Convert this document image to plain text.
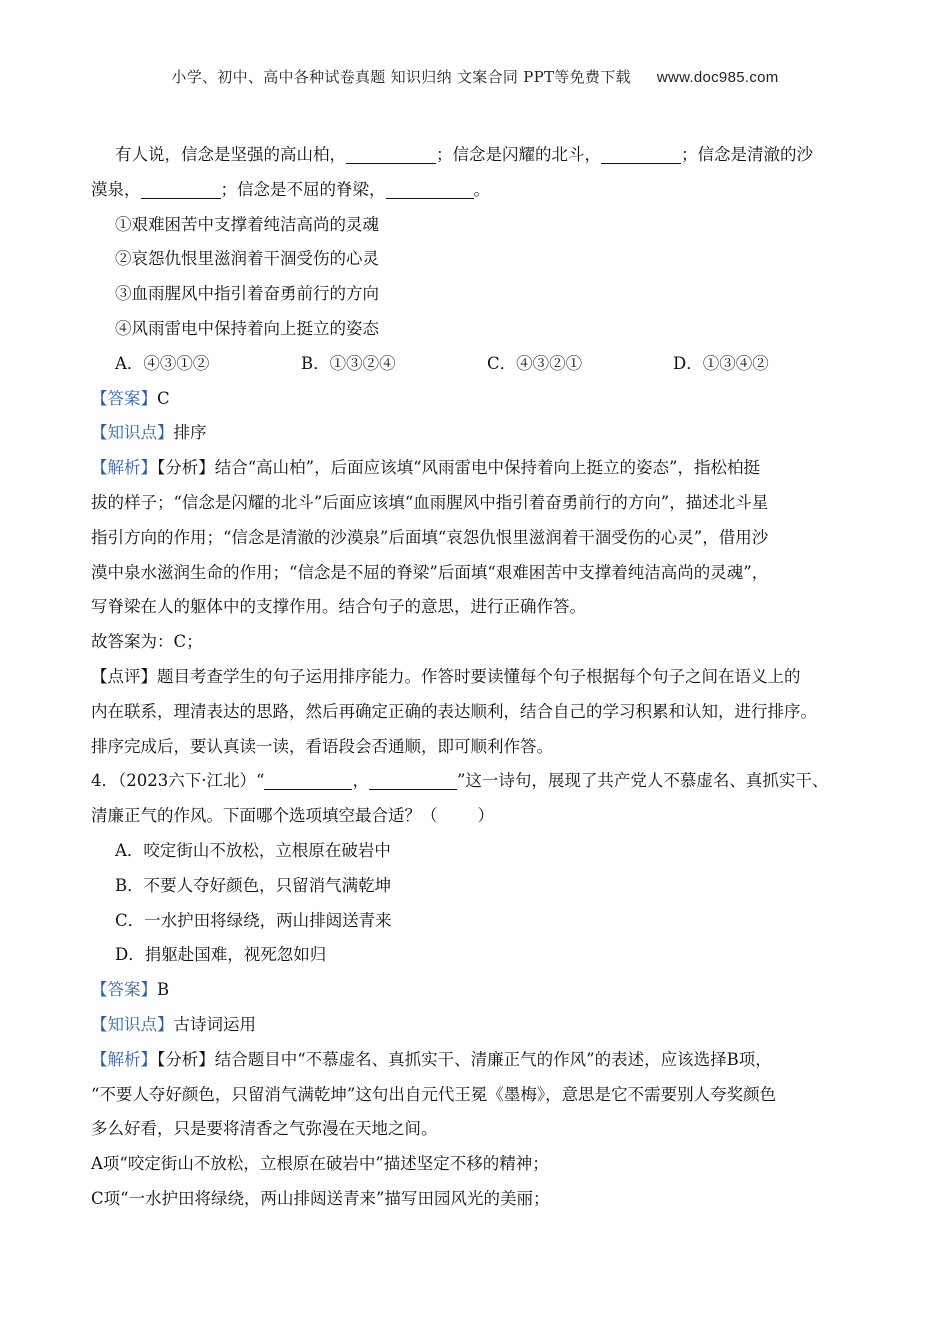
小学、初中、高中各种试卷真题 知识归纳 文案合同 PPT等免费下载 www.doc985.com
有人说，信念是坚强的高山柏，	；信念是闪耀的北斗，	；信念是清澈的沙
漠泉，	；信念是不屈的脊梁，	。
①艰难困苦中支撑着纯洁高尚的灵魂
②哀怨仇恨里滋润着干涸受伤的心灵
③血雨腥风中指引着奋勇前行的方向
④风雨雷电中保持着向上挺立的姿态
A．④③①②	B．①③②④	C．④③②①	D．①③④②
【答案】C
【知识点】排序
【解析】【分析】结合“高山柏”，后面应该填“风雨雷电中保持着向上挺立的姿态”，指松柏挺
拔的样子；“信念是闪耀的北斗”后面应该填“血雨腥风中指引着奋勇前行的方向”，描述北斗星
指引方向的作用；“信念是清澈的沙漠泉”后面填“哀怨仇恨里滋润着干涸受伤的心灵”，借用沙
漠中泉水滋润生命的作用；“信念是不屈的脊梁”后面填“艰难困苦中支撑着纯洁高尚的灵魂”，
写脊梁在人的躯体中的支撑作用。结合句子的意思，进行正确作答。
故答案为：C；
【点评】题目考查学生的句子运用排序能力。作答时要读懂每个句子根据每个句子之间在语义上的
内在联系，理清表达的思路，然后再确定正确的表达顺利，结合自己的学习积累和认知，进行排序。
排序完成后，要认真读一读，看语段会否通顺，即可顺利作答。
4．（2023六下·江北）“	，	”这一诗句，展现了共产党人不慕虚名、真抓实干、
清廉正气的作风。下面哪个选项填空最合适？（ ）
A．咬定街山不放松，立根原在破岩中
B．不要人夺好颜色，只留消气满乾坤
C．一水护田将绿绕，两山排闼送青来
D．捐躯赴国难，视死忽如归
【答案】B
【知识点】古诗词运用
【解析】【分析】结合题目中“不慕虚名、真抓实干、清廉正气的作风”的表述，应该选择B项，
“不要人夺好颜色，只留消气满乾坤”这句出自元代王冕《墨梅》，意思是它不需要别人夸奖颜色
多么好看，只是要将清香之气弥漫在天地之间。
A项“咬定街山不放松，立根原在破岩中”描述坚定不移的精神；
C项“一水护田将绿绕，两山排闼送青来”描写田园风光的美丽；
